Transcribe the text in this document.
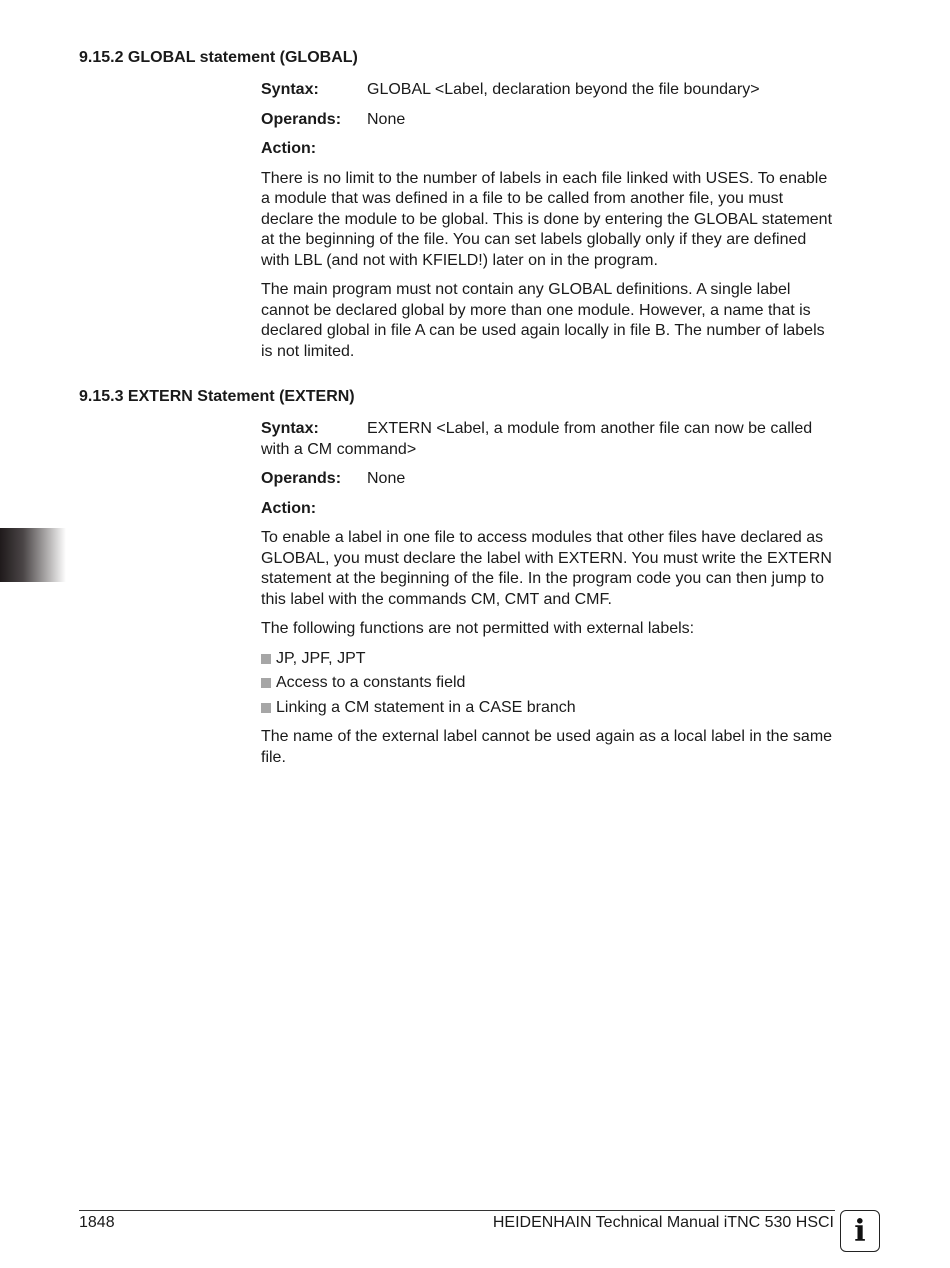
9.15.2 GLOBAL statement (GLOBAL)
Syntax:	GLOBAL <Label, declaration beyond the file boundary>
Operands: None
Action:

There is no limit to the number of labels in each file linked with USES. To enable a module that was defined in a file to be called from another file, you must declare the module to be global. This is done by entering the GLOBAL statement at the beginning of the file. You can set labels globally only if they are defined with LBL (and not with KFIELD!) later on in the program.

The main program must not contain any GLOBAL definitions. A single label cannot be declared global by more than one module. However, a name that is declared global in file A can be used again locally in file B. The number of labels is not limited.

9.15.3 EXTERN Statement (EXTERN)
Syntax:	EXTERN <Label, a module from another file can now be called with a CM command>
Operands: None
Action:

To enable a label in one file to access modules that other files have declared as GLOBAL, you must declare the label with EXTERN. You must write the EXTERN statement at the beginning of the file. In the program code you can then jump to this label with the commands CM, CMT and CMF.

The following functions are not permitted with external labels:

JP, JPF, JPT
Access to a constants field
Linking a CM statement in a CASE branch

The name of the external label cannot be used again as a local label in the same file.

1848	HEIDENHAIN Technical Manual iTNC 530 HSCI i
